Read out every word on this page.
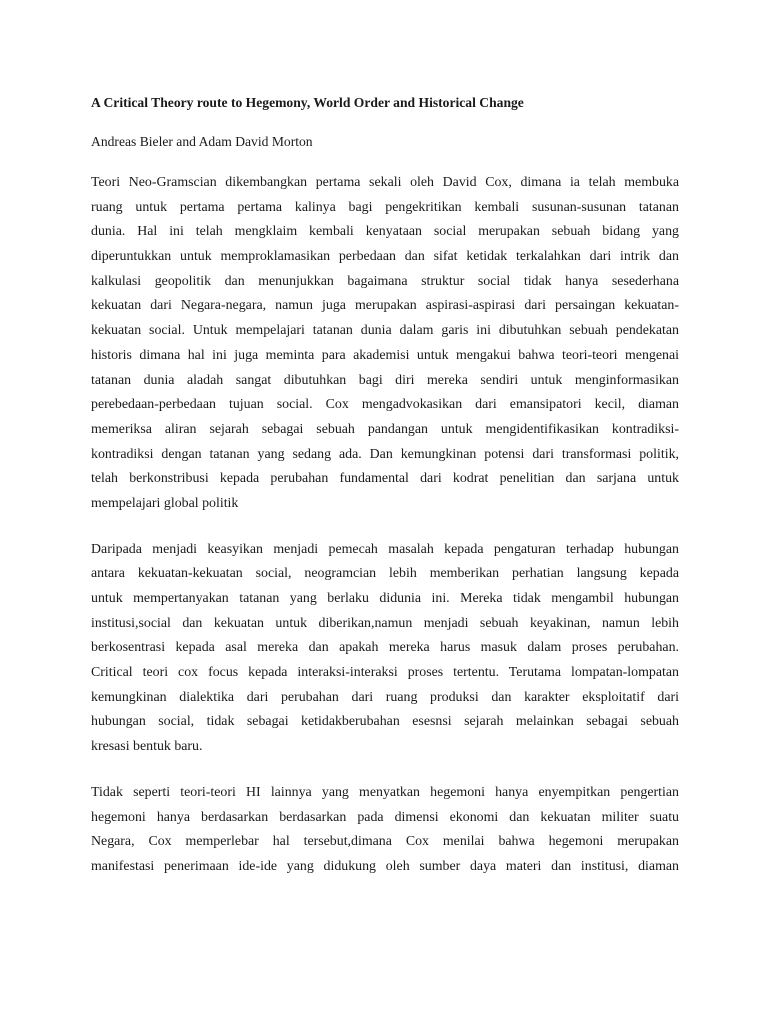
A Critical Theory route to Hegemony, World Order and Historical Change
Andreas Bieler and Adam David Morton
Teori Neo-Gramscian dikembangkan pertama sekali oleh David Cox, dimana ia telah membuka
ruang untuk pertama pertama kalinya bagi pengekritikan kembali susunan-susunan tatanan
dunia. Hal ini telah mengklaim kembali kenyataan social merupakan sebuah bidang yang
diperuntukkan untuk memproklamasikan perbedaan dan sifat ketidak terkalahkan dari intrik dan
kalkulasi geopolitik dan menunjukkan bagaimana struktur social tidak hanya sesederhana
kekuatan dari Negara-negara, namun juga merupakan aspirasi-aspirasi dari persaingan kekuatan-
kekuatan social. Untuk mempelajari tatanan dunia dalam garis ini dibutuhkan sebuah pendekatan
historis dimana hal ini juga meminta para akademisi untuk mengakui bahwa teori-teori mengenai
tatanan dunia aladah sangat dibutuhkan bagi diri mereka sendiri untuk menginformasikan
perebedaan-perbedaan tujuan social. Cox mengadvokasikan dari emansipatori kecil, diaman
memeriksa aliran sejarah sebagai sebuah pandangan untuk mengidentifikasikan kontradiksi-
kontradiksi dengan tatanan yang sedang ada. Dan kemungkinan potensi dari transformasi politik,
telah berkonstribusi kepada perubahan fundamental dari kodrat penelitian dan sarjana untuk
mempelajari global politik
Daripada menjadi keasyikan menjadi pemecah masalah kepada pengaturan terhadap hubungan
antara kekuatan-kekuatan social, neogramcian lebih memberikan perhatian langsung kepada
untuk mempertanyakan tatanan yang berlaku didunia ini. Mereka tidak mengambil hubungan
institusi,social dan kekuatan untuk diberikan,namun menjadi sebuah keyakinan, namun lebih
berkosentrasi kepada asal mereka dan apakah mereka harus masuk dalam proses perubahan.
Critical teori cox focus kepada interaksi-interaksi proses tertentu. Terutama lompatan-lompatan
kemungkinan dialektika dari perubahan dari ruang produksi dan karakter eksploitatif dari
hubungan social, tidak sebagai ketidakberubahan esesnsi sejarah melainkan sebagai sebuah
kresasi bentuk baru.
Tidak seperti teori-teori HI lainnya yang menyatkan hegemoni hanya enyempitkan pengertian
hegemoni hanya berdasarkan berdasarkan pada dimensi ekonomi dan kekuatan militer suatu
Negara, Cox memperlebar hal tersebut,dimana Cox menilai bahwa hegemoni merupakan
manifestasi penerimaan ide-ide yang didukung oleh sumber daya materi dan institusi, diaman
